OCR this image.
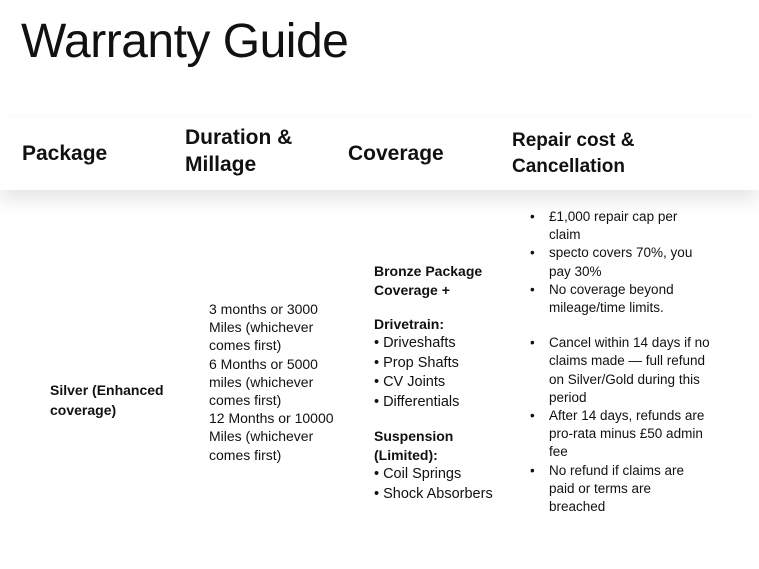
Warranty Guide
Package
Duration & Millage	Coverage
Repair cost & Cancellation
Silver (Enhanced coverage)
3 months or 3000 Miles (whichever comes first)
6 Months or 5000 miles (whichever comes first)
12 Months or 10000 Miles (whichever comes first)
Bronze Package Coverage +
Drivetrain:
• Driveshafts
• Prop Shafts
• CV Joints
• Differentials
Suspension (Limited):
• Coil Springs
• Shock Absorbers
• £1,000 repair cap per claim
• specto covers 70%, you pay 30%
• No coverage beyond mileage/time limits.
• Cancel within 14 days if no claims made — full refund on Silver/Gold during this period
• After 14 days, refunds are pro-rata minus £50 admin fee
• No refund if claims are paid or terms are breached
